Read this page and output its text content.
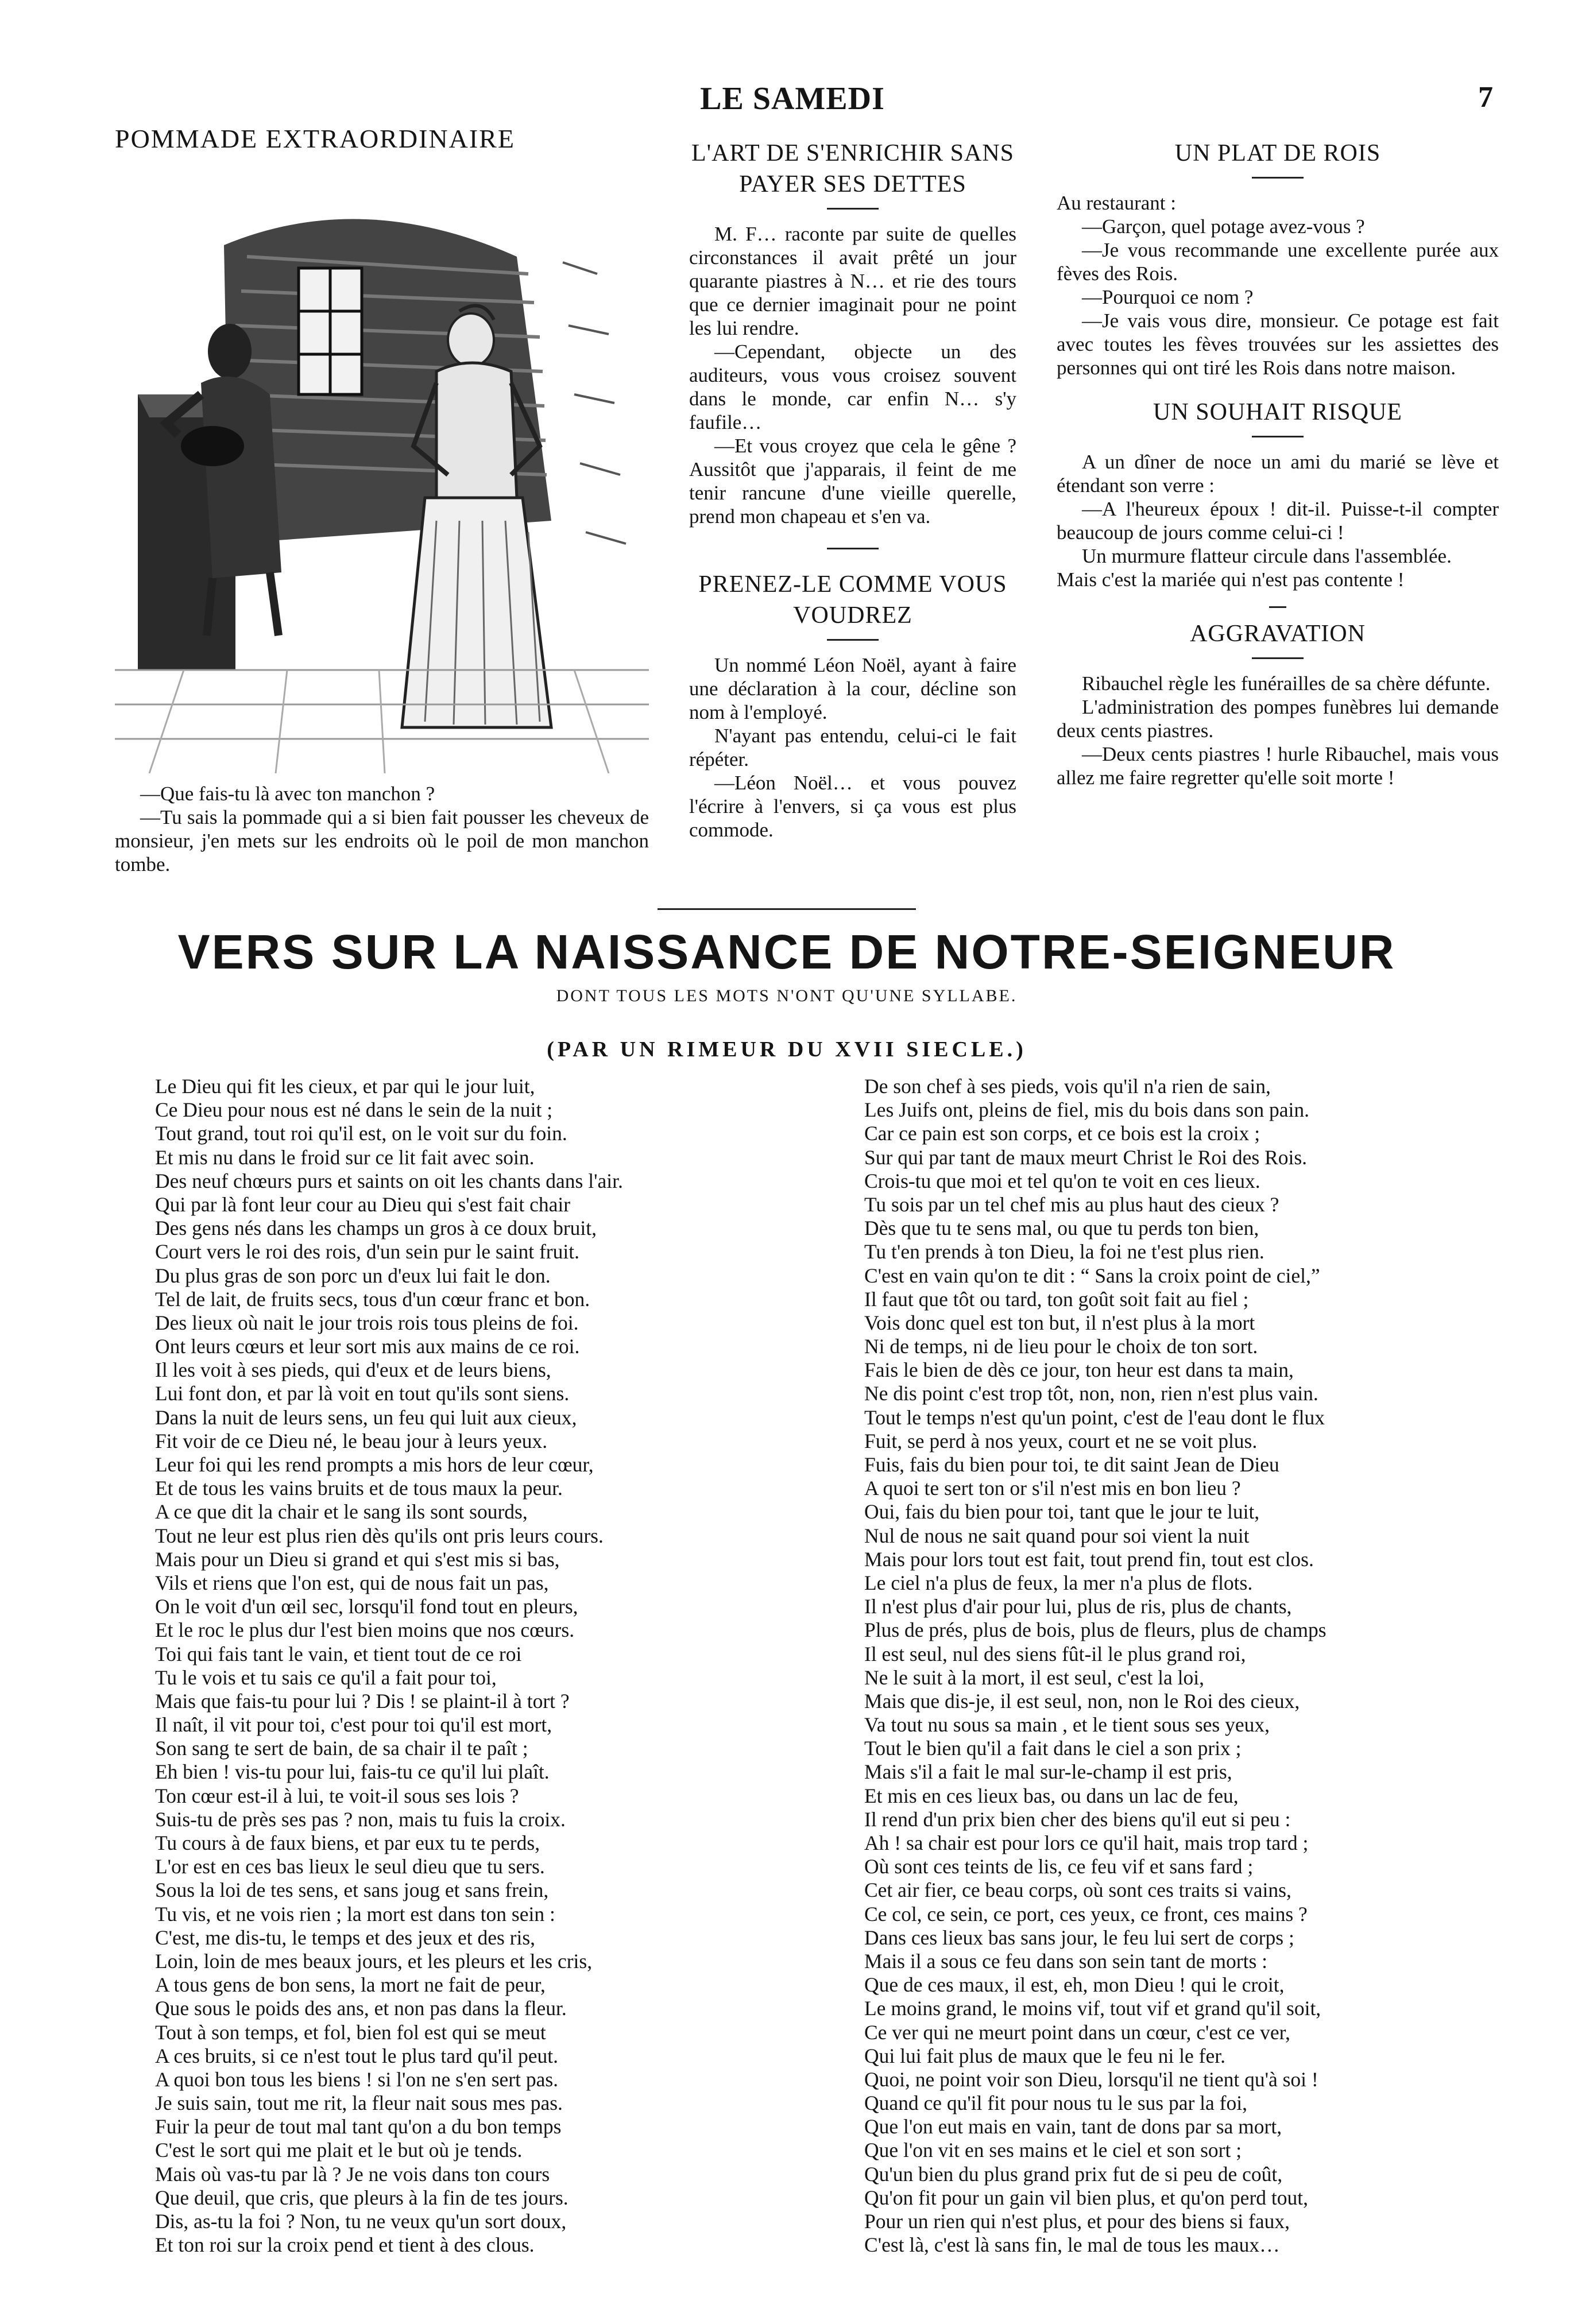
LE SAMEDI	7
POMMADE EXTRAORDINAIRE

—Que fais-tu là avec ton manchon ?

—Tu sais la pommade qui a si bien fait pousser les cheveux de monsieur, j'en mets sur les endroits où le poil de mon manchon tombe.

L'ART DE S'ENRICHIR SANS PAYER SES DETTES

M. F… raconte par suite de quelles circonstances il avait prêté un jour quarante piastres à N… et rie des tours que ce dernier imaginait pour ne point les lui rendre.

—Cependant, objecte un des auditeurs, vous vous croisez souvent dans le monde, car enfin N… s'y faufile…

—Et vous croyez que cela le gêne ? Aussitôt que j'apparais, il feint de me tenir rancune d'une vieille querelle, prend mon chapeau et s'en va.

PRENEZ-LE COMME VOUS VOUDREZ

Un nommé Léon Noël, ayant à faire une déclaration à la cour, décline son nom à l'employé.

N'ayant pas entendu, celui-ci le fait répéter.

—Léon Noël… et vous pouvez l'écrire à l'envers, si ça vous est plus commode.

UN PLAT DE ROIS

Au restaurant :

—Garçon, quel potage avez-vous ?

—Je vous recommande une excellente purée aux fèves des Rois.

—Pourquoi ce nom ?

—Je vais vous dire, monsieur. Ce potage est fait avec toutes les fèves trouvées sur les assiettes des personnes qui ont tiré les Rois dans notre maison.

UN SOUHAIT RISQUE

A un dîner de noce un ami du marié se lève et étendant son verre :

—A l'heureux époux ! dit-il. Puisse-t-il compter beaucoup de jours comme celui-ci !

Un murmure flatteur circule dans l'assemblée.

Mais c'est la mariée qui n'est pas contente !

AGGRAVATION

Ribauchel règle les funérailles de sa chère défunte.

L'administration des pompes funèbres lui demande deux cents piastres.

—Deux cents piastres ! hurle Ribauchel, mais vous allez me faire regretter qu'elle soit morte !

VERS SUR LA NAISSANCE DE NOTRE-SEIGNEUR
DONT TOUS LES MOTS N'ONT QU'UNE SYLLABE.
(PAR UN RIMEUR DU XVII SIECLE.)
Le Dieu qui fit les cieux, et par qui le jour luit,
Ce Dieu pour nous est né dans le sein de la nuit ;
Tout grand, tout roi qu'il est, on le voit sur du foin.
Et mis nu dans le froid sur ce lit fait avec soin.
Des neuf chœurs purs et saints on oit les chants dans l'air.
Qui par là font leur cour au Dieu qui s'est fait chair
Des gens nés dans les champs un gros à ce doux bruit,
Court vers le roi des rois, d'un sein pur le saint fruit.
Du plus gras de son porc un d'eux lui fait le don.
Tel de lait, de fruits secs, tous d'un cœur franc et bon.
Des lieux où nait le jour trois rois tous pleins de foi.
Ont leurs cœurs et leur sort mis aux mains de ce roi.
Il les voit à ses pieds, qui d'eux et de leurs biens,
Lui font don, et par là voit en tout qu'ils sont siens.
Dans la nuit de leurs sens, un feu qui luit aux cieux,
Fit voir de ce Dieu né, le beau jour à leurs yeux.
Leur foi qui les rend prompts a mis hors de leur cœur,
Et de tous les vains bruits et de tous maux la peur.
A ce que dit la chair et le sang ils sont sourds,
Tout ne leur est plus rien dès qu'ils ont pris leurs cours.
Mais pour un Dieu si grand et qui s'est mis si bas,
Vils et riens que l'on est, qui de nous fait un pas,
On le voit d'un œil sec, lorsqu'il fond tout en pleurs,
Et le roc le plus dur l'est bien moins que nos cœurs.
Toi qui fais tant le vain, et tient tout de ce roi
Tu le vois et tu sais ce qu'il a fait pour toi,
Mais que fais-tu pour lui ? Dis ! se plaint-il à tort ?
Il naît, il vit pour toi, c'est pour toi qu'il est mort,
Son sang te sert de bain, de sa chair il te paît ;
Eh bien ! vis-tu pour lui, fais-tu ce qu'il lui plaît.
Ton cœur est-il à lui, te voit-il sous ses lois ?
Suis-tu de près ses pas ? non, mais tu fuis la croix.
Tu cours à de faux biens, et par eux tu te perds,
L'or est en ces bas lieux le seul dieu que tu sers.
Sous la loi de tes sens, et sans joug et sans frein,
Tu vis, et ne vois rien ; la mort est dans ton sein :
C'est, me dis-tu, le temps et des jeux et des ris,
Loin, loin de mes beaux jours, et les pleurs et les cris,
A tous gens de bon sens, la mort ne fait de peur,
Que sous le poids des ans, et non pas dans la fleur.
Tout à son temps, et fol, bien fol est qui se meut
A ces bruits, si ce n'est tout le plus tard qu'il peut.
A quoi bon tous les biens ! si l'on ne s'en sert pas.
Je suis sain, tout me rit, la fleur nait sous mes pas.
Fuir la peur de tout mal tant qu'on a du bon temps
C'est le sort qui me plait et le but où je tends.
Mais où vas-tu par là ? Je ne vois dans ton cours
Que deuil, que cris, que pleurs à la fin de tes jours.
Dis, as-tu la foi ? Non, tu ne veux qu'un sort doux,
Et ton roi sur la croix pend et tient à des clous.
De son chef à ses pieds, vois qu'il n'a rien de sain,
Les Juifs ont, pleins de fiel, mis du bois dans son pain.
Car ce pain est son corps, et ce bois est la croix ;
Sur qui par tant de maux meurt Christ le Roi des Rois.
Crois-tu que moi et tel qu'on te voit en ces lieux.
Tu sois par un tel chef mis au plus haut des cieux ?
Dès que tu te sens mal, ou que tu perds ton bien,
Tu t'en prends à ton Dieu, la foi ne t'est plus rien.
C'est en vain qu'on te dit : “ Sans la croix point de ciel,”
Il faut que tôt ou tard, ton goût soit fait au fiel ;
Vois donc quel est ton but, il n'est plus à la mort
Ni de temps, ni de lieu pour le choix de ton sort.
Fais le bien de dès ce jour, ton heur est dans ta main,
Ne dis point c'est trop tôt, non, non, rien n'est plus vain.
Tout le temps n'est qu'un point, c'est de l'eau dont le flux
Fuit, se perd à nos yeux, court et ne se voit plus.
Fuis, fais du bien pour toi, te dit saint Jean de Dieu
A quoi te sert ton or s'il n'est mis en bon lieu ?
Oui, fais du bien pour toi, tant que le jour te luit,
Nul de nous ne sait quand pour soi vient la nuit
Mais pour lors tout est fait, tout prend fin, tout est clos.
Le ciel n'a plus de feux, la mer n'a plus de flots.
Il n'est plus d'air pour lui, plus de ris, plus de chants,
Plus de prés, plus de bois, plus de fleurs, plus de champs
Il est seul, nul des siens fût-il le plus grand roi,
Ne le suit à la mort, il est seul, c'est la loi,
Mais que dis-je, il est seul, non, non le Roi des cieux,
Va tout nu sous sa main , et le tient sous ses yeux,
Tout le bien qu'il a fait dans le ciel a son prix ;
Mais s'il a fait le mal sur-le-champ il est pris,
Et mis en ces lieux bas, ou dans un lac de feu,
Il rend d'un prix bien cher des biens qu'il eut si peu :
Ah ! sa chair est pour lors ce qu'il hait, mais trop tard ;
Où sont ces teints de lis, ce feu vif et sans fard ;
Cet air fier, ce beau corps, où sont ces traits si vains,
Ce col, ce sein, ce port, ces yeux, ce front, ces mains ?
Dans ces lieux bas sans jour, le feu lui sert de corps ;
Mais il a sous ce feu dans son sein tant de morts :
Que de ces maux, il est, eh, mon Dieu ! qui le croit,
Le moins grand, le moins vif, tout vif et grand qu'il soit,
Ce ver qui ne meurt point dans un cœur, c'est ce ver,
Qui lui fait plus de maux que le feu ni le fer.
Quoi, ne point voir son Dieu, lorsqu'il ne tient qu'à soi !
Quand ce qu'il fit pour nous tu le sus par la foi,
Que l'on eut mais en vain, tant de dons par sa mort,
Que l'on vit en ses mains et le ciel et son sort ;
Qu'un bien du plus grand prix fut de si peu de coût,
Qu'on fit pour un gain vil bien plus, et qu'on perd tout,
Pour un rien qui n'est plus, et pour des biens si faux,
C'est là, c'est là sans fin, le mal de tous les maux…
